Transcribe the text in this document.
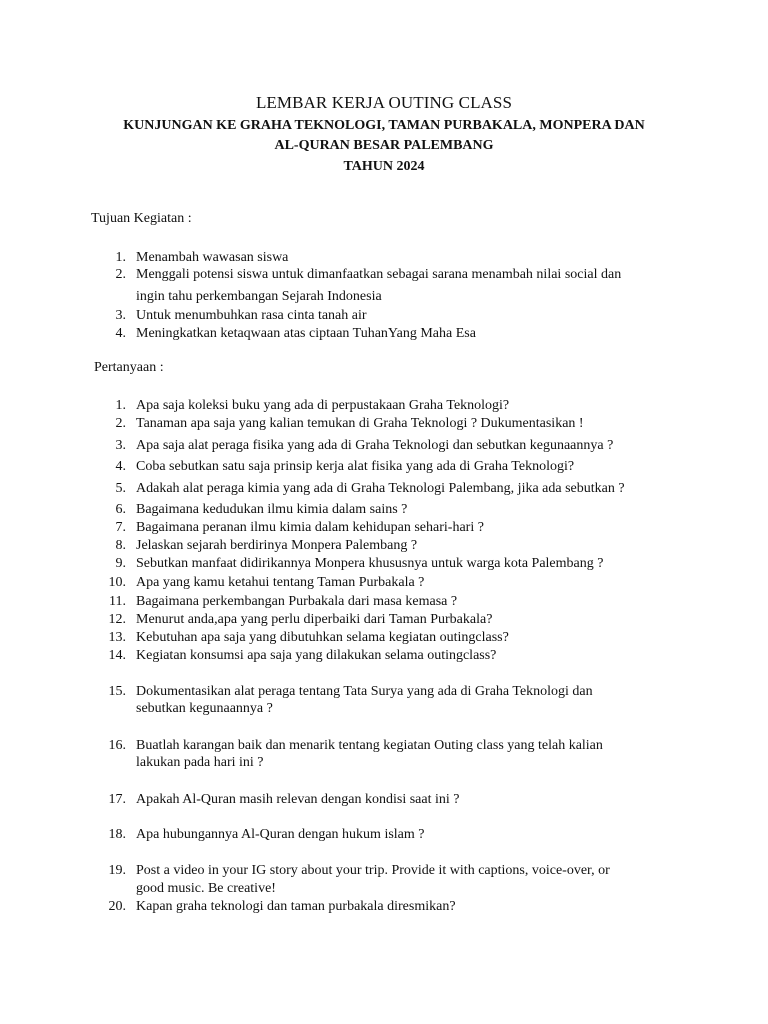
LEMBAR KERJA OUTING CLASS
KUNJUNGAN KE GRAHA TEKNOLOGI, TAMAN PURBAKALA, MONPERA DAN
AL-QURAN BESAR PALEMBANG
TAHUN 2024
Tujuan Kegiatan :
1. Menambah wawasan siswa
2. Menggali potensi siswa untuk dimanfaatkan sebagai sarana menambah nilai social dan
ingin tahu perkembangan Sejarah Indonesia
3. Untuk menumbuhkan rasa cinta tanah air
4. Meningkatkan ketaqwaan atas ciptaan TuhanYang Maha Esa
Pertanyaan :
1. Apa saja koleksi buku yang ada di perpustakaan Graha Teknologi?
2. Tanaman apa saja yang kalian temukan di Graha Teknologi ? Dukumentasikan !
3. Apa saja alat peraga fisika yang ada di Graha Teknologi dan sebutkan kegunaannya ?
4. Coba sebutkan satu saja prinsip kerja alat fisika yang ada di Graha Teknologi?
5. Adakah alat peraga kimia yang ada di Graha Teknologi Palembang, jika ada sebutkan ?
6. Bagaimana kedudukan ilmu kimia dalam sains ?
7. Bagaimana peranan ilmu kimia dalam kehidupan sehari-hari ?
8. Jelaskan sejarah berdirinya Monpera Palembang ?
9. Sebutkan manfaat didirikannya Monpera khususnya untuk warga kota Palembang ?
10. Apa yang kamu ketahui tentang Taman Purbakala ?
11. Bagaimana perkembangan Purbakala dari masa kemasa ?
12. Menurut anda,apa yang perlu diperbaiki dari Taman Purbakala?
13. Kebutuhan apa saja yang dibutuhkan selama kegiatan outingclass?
14. Kegiatan konsumsi apa saja yang dilakukan selama outingclass?
15. Dokumentasikan alat peraga tentang Tata Surya yang ada di Graha Teknologi dan
sebutkan kegunaannya ?
16. Buatlah karangan baik dan menarik tentang kegiatan Outing class yang telah kalian
lakukan pada hari ini ?
17. Apakah Al-Quran masih relevan dengan kondisi saat ini ?
18. Apa hubungannya Al-Quran dengan hukum islam ?
19. Post a video in your IG story about your trip. Provide it with captions, voice-over, or
good music. Be creative!
20. Kapan graha teknologi dan taman purbakala diresmikan?
